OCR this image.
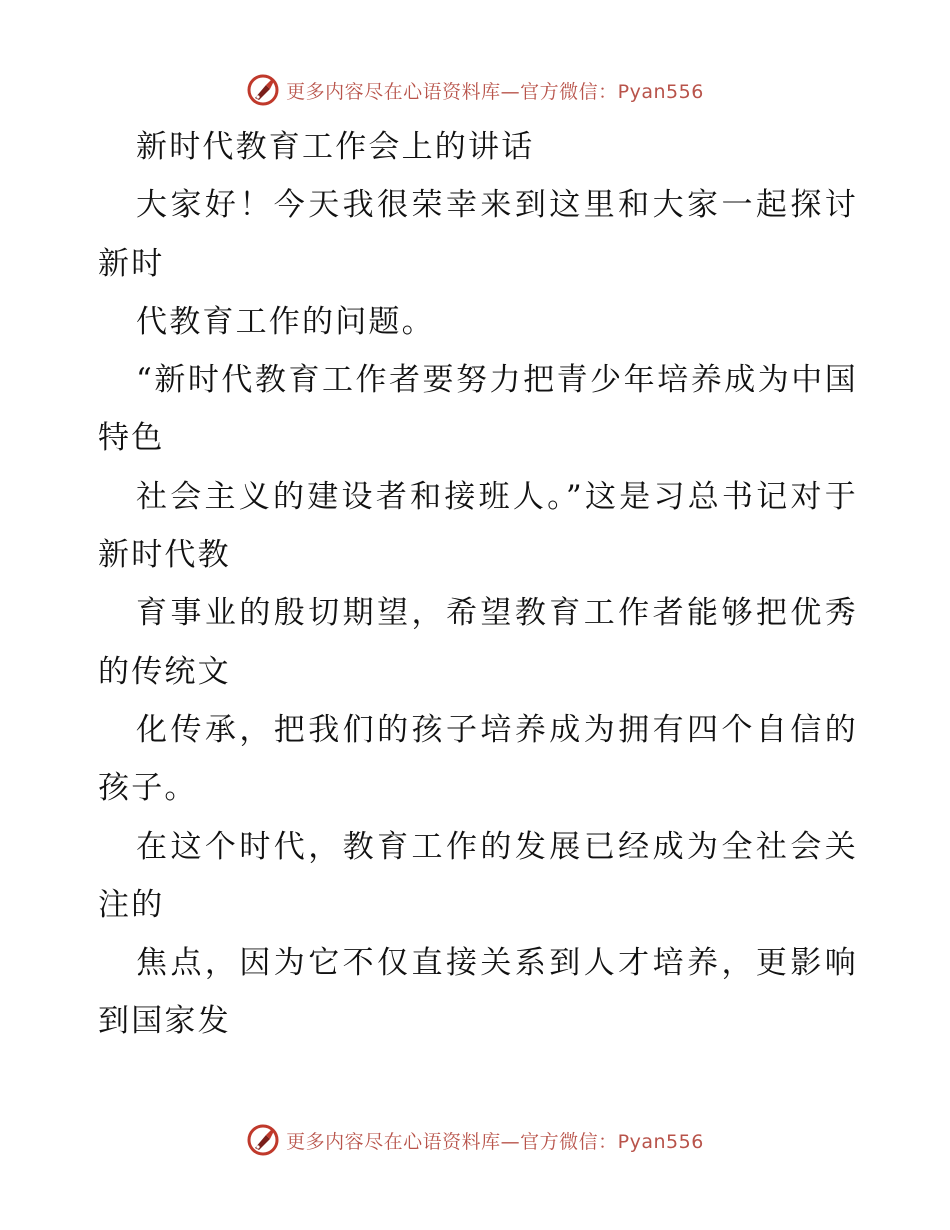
更多内容尽在心语资料库—官方微信：Pyan556

新时代教育工作会上的讲话

大家好！今天我很荣幸来到这里和大家一起探讨新时

代教育工作的问题。

“新时代教育工作者要努力把青少年培养成为中国特色

社会主义的建设者和接班人。”这是习总书记对于新时代教

育事业的殷切期望，希望教育工作者能够把优秀的传统文

化传承，把我们的孩子培养成为拥有四个自信的孩子。

在这个时代，教育工作的发展已经成为全社会关注的

焦点，因为它不仅直接关系到人才培养，更影响到国家发

更多内容尽在心语资料库—官方微信：Pyan556
